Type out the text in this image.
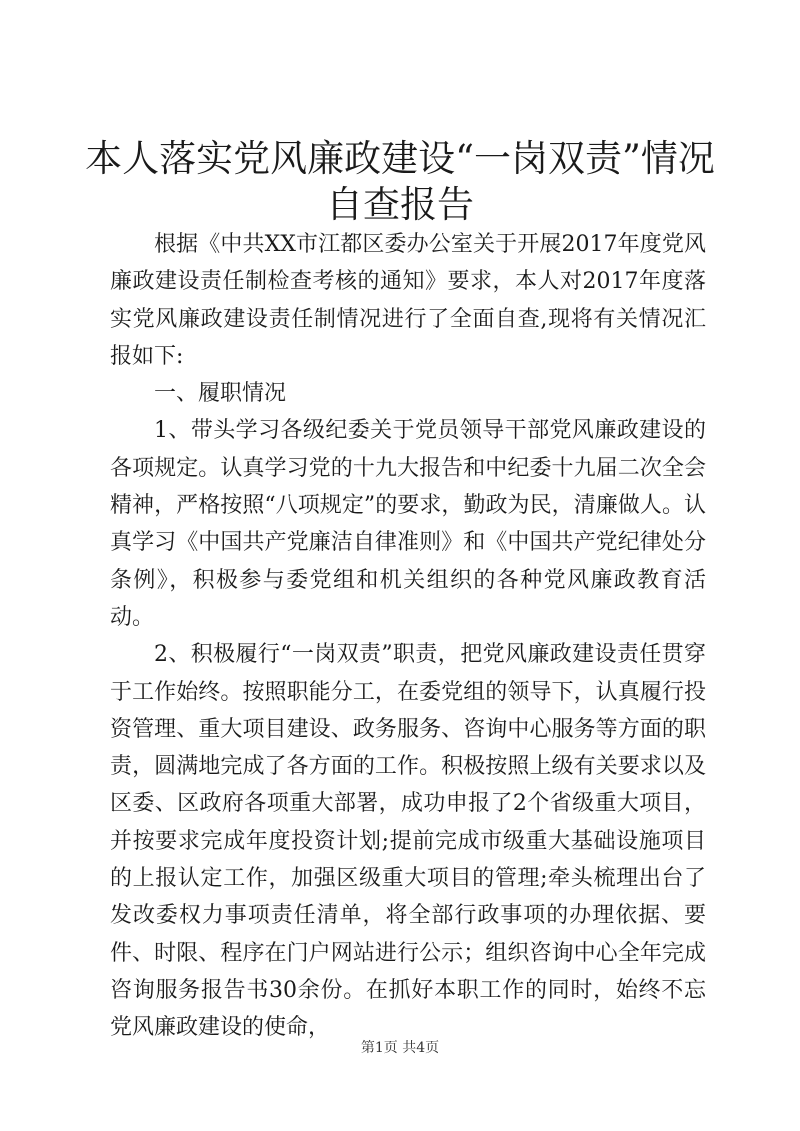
本人落实党风廉政建设“一岗双责”情况自查报告

根据《中共XX市江都区委办公室关于开展2017年度党风廉政建设责任制检查考核的通知》要求，本人对2017年度落实党风廉政建设责任制情况进行了全面自查,现将有关情况汇报如下:

一、履职情况

1、带头学习各级纪委关于党员领导干部党风廉政建设的各项规定。认真学习党的十九大报告和中纪委十九届二次全会精神，严格按照“八项规定”的要求，勤政为民，清廉做人。认真学习《中国共产党廉洁自律准则》和《中国共产党纪律处分条例》，积极参与委党组和机关组织的各种党风廉政教育活动。

2、积极履行“一岗双责”职责，把党风廉政建设责任贯穿于工作始终。按照职能分工，在委党组的领导下，认真履行投资管理、重大项目建设、政务服务、咨询中心服务等方面的职责，圆满地完成了各方面的工作。积极按照上级有关要求以及区委、区政府各项重大部署，成功申报了2个省级重大项目，并按要求完成年度投资计划;提前完成市级重大基础设施项目的上报认定工作，加强区级重大项目的管理;牵头梳理出台了发改委权力事项责任清单，将全部行政事项的办理依据、要件、时限、程序在门户网站进行公示；组织咨询中心全年完成咨询服务报告书30余份。在抓好本职工作的同时，始终不忘党风廉政建设的使命，

第1页 共4页
